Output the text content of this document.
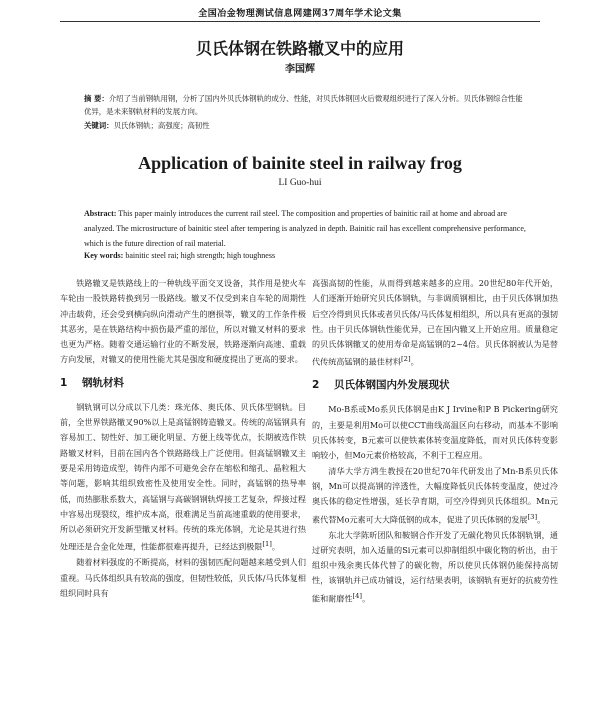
全国冶金物理测试信息网建网37周年学术论文集
贝氏体钢在铁路辙叉中的应用
李国辉
摘 要：介绍了当前钢轨用钢，分析了国内外贝氏体钢轨的成分、性能，对贝氏体钢回火后微观组织进行了深入分析。贝氏体钢综合性能优异，是未来钢轨材料的发展方向。
关键词：贝氏体钢轨；高强度；高韧性
Application of bainite steel in railway frog
LI Guo-hui
Abstract: This paper mainly introduces the current rail steel. The composition and properties of bainitic rail at home and abroad are analyzed. The microstructure of bainitic steel after tempering is analyzed in depth. Bainitic rail has excellent comprehensive performance, which is the future direction of rail material.
Key words: bainitic steel rai; high strength; high toughness

铁路辙叉是铁路线上的一种轨线平面交叉设备，其作用是使火车车轮由一股铁路转换到另一股路线。辙叉不仅受到来自车轮的周期性冲击载荷，还会受到横向纵向滑动产生的磨损等，辙叉的工作条件极其恶劣，是在铁路结构中损伤最严重的部位，所以对辙叉材料的要求也更为严格。随着交通运输行业的不断发展，铁路逐渐向高速、重载方向发展，对辙叉的使用性能尤其是强度和硬度提出了更高的要求。

1 钢轨材料

钢轨钢可以分成以下几类：珠光体、奥氏体、贝氏体型钢轨。目前，全世界铁路辙叉90%以上是高锰钢铸造辙叉。传统的高锰钢具有容易加工、韧性好、加工硬化明显、方便上线等优点，长期被选作铁路辙叉材料，目前在国内各个铁路路线上广泛使用。但高锰钢辙叉主要是采用铸造成型，铸件内部不可避免会存在缩松和缩孔、晶粒粗大等问题，影响其组织致密性及使用安全性。同时，高锰钢的热导率低，而热膨胀系数大，高锰钢与高碳钢钢轨焊接工艺复杂，焊接过程中容易出现裂纹，维护成本高，很难满足当前高速重载的使用要求，所以必须研究开发新型辙叉材料。传统的珠光体钢，尤论是其进行热处理还是合金化处理，性能都很难再提升，已经达到极限[1]。

随着材料强度的不断提高，材料的强韧匹配问题越来越受到人们重视。马氏体组织具有较高的强度，但韧性较低，贝氏体/马氏体复相组织同时具有

高强高韧的性能，从而得到越来越多的应用。20世纪80年代开始，人们逐渐开始研究贝氏体钢轨，与非调质钢相比，由于贝氏体钢加热后空冷得到贝氏体或者贝氏体/马氏体复相组织，所以具有更高的强韧性。由于贝氏体钢轨性能优异，已在国内辙叉上开始应用。质量稳定的贝氏体钢辙叉的使用寿命是高锰钢的2~4倍。贝氏体钢被认为是替代传统高锰钢的最佳材料[2]。

2 贝氏体钢国内外发展现状

Mo-B系或Mo系贝氏体钢是由K J Irvine和P B Pickering研究的，主要是利用Mo可以使CCT曲线高温区向右移动，而基本不影响贝氏体转变，B元素可以使铁素体转变温度降低，而对贝氏体转变影响较小，但Mo元素价格较高，不利于工程应用。

清华大学方鸿生教授在20世纪70年代研发出了Mn-B系贝氏体钢，Mn可以提高钢的淬透性，大幅度降低贝氏体转变温度，使过冷奥氏体的稳定性增强，延长孕育期，可空冷得到贝氏体组织。Mn元素代替Mo元素可大大降低钢的成本，促进了贝氏体钢的发展[3]。

东北大学陈昕团队和鞍钢合作开发了无碳化物贝氏体钢轨钢，通过研究表明，加入适量的Si元素可以抑制组织中碳化物的析出，由于组织中残余奥氏体代替了的碳化物，所以使贝氏体钢仍能保持高韧性，该钢轨并已成功铺设，运行结果表明，该钢轨有更好的抗疲劳性能和耐磨性[4]。
